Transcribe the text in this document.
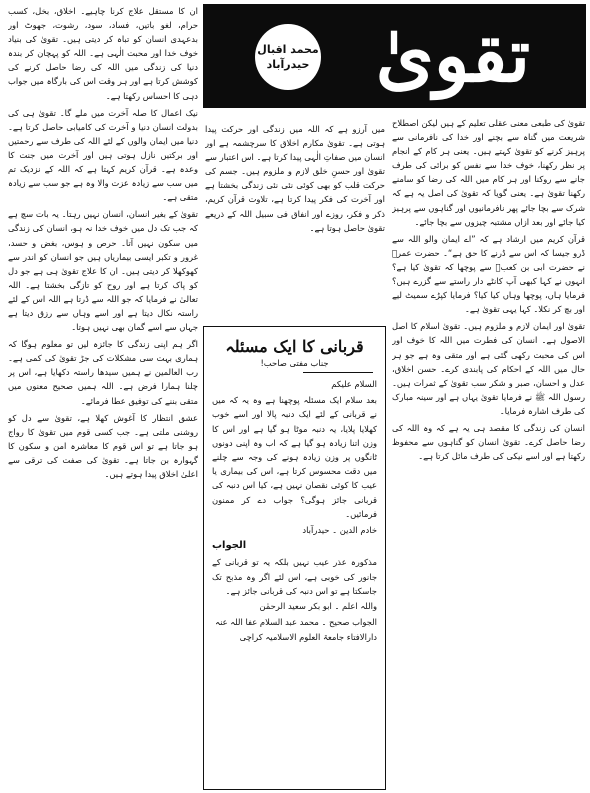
محمد اقبال
حیدرآباد تقویٰ

تقویٰ کی طبعی معنی عقلی تعلیم کے ہیں لیکن اصطلاح شریعت میں گناہ سے بچنے اور خدا کی نافرمانی سے پرہیز کرنے کو تقویٰ کہتے ہیں۔ یعنی ہر کام کے انجام پر نظر رکھنا، خوف خدا سے نفس کو برائی کی طرف جانے سے روکنا اور ہر کام میں اللہ کی رضا کو سامنے رکھنا تقویٰ ہے۔ یعنی گویا کہ تقویٰ کی اصل یہ ہے کہ شرک سے بچا جائے پھر نافرمانیوں اور گناہوں سے پرہیز کیا جائے اور بعد ازاں مشتبہ چیزوں سے بچا جائے۔

قرآن کریم میں ارشاد ہے کہ ”اے ایمان والو اللہ سے ڈرو جیسا کہ اس سے ڈرنے کا حق ہے“۔ حضرت عمرؓ نے حضرت ابی بن کعبؓ سے پوچھا کہ تقویٰ کیا ہے؟ انہوں نے کہا کبھی آپ کانٹے دار راستے سے گزرے ہیں؟ فرمایا ہاں، پوچھا وہاں کیا کیا؟ فرمایا کپڑے سمیٹ لیے اور بچ کر نکلا۔ کہا یہی تقویٰ ہے۔

تقویٰ اور ایمان لازم و ملزوم ہیں۔ تقویٰ اسلام کا اصل الاصول ہے۔ انسان کی فطرت میں اللہ کا خوف اور اس کی محبت رکھی گئی ہے اور متقی وہ ہے جو ہر حال میں اللہ کے احکام کی پابندی کرے۔ حسن اخلاق، عدل و احسان، صبر و شکر سب تقویٰ کے ثمرات ہیں۔ رسول اللہ ﷺ نے فرمایا تقویٰ یہاں ہے اور سینہ مبارک کی طرف اشارہ فرمایا۔

انسان کی زندگی کا مقصد ہی یہ ہے کہ وہ اللہ کی رضا حاصل کرے۔ تقویٰ انسان کو گناہوں سے محفوظ رکھتا ہے اور اسے نیکی کی طرف مائل کرتا ہے۔

میں آرزو ہے کہ اللہ میں زندگی اور حرکت پیدا ہوتی ہے۔ تقویٰ مکارم اخلاق کا سرچشمہ ہے اور انسان میں صفاتِ الٰہی پیدا کرتا ہے۔ اس اعتبار سے تقویٰ اور حسنِ خلق لازم و ملزوم ہیں۔ جسم کی حرکت قلب کو بھی کوئی نئی نئی زندگی بخشتا ہے اور آخرت کی فکر پیدا کرتا ہے، تلاوت قرآن کریم، ذکر و فکر، روزے اور انفاق فی سبیل اللہ کے ذریعے تقویٰ حاصل ہوتا ہے۔

قربانی کا ایک مسئلہ
جناب مفتی صاحب!

السلام علیکم

بعد سلام ایک مسئلہ پوچھنا ہے وہ یہ کہ میں نے قربانی کے لئے ایک دنبہ پالا اور اسے خوب کھلایا پلایا، یہ دنبہ موٹا ہو گیا ہے اور اس کا وزن اتنا زیادہ ہو گیا ہے کہ اب وہ اپنی دونوں ٹانگوں پر وزن زیادہ ہونے کی وجہ سے چلنے میں دقت محسوس کرتا ہے، اس کی بیماری یا عیب کا کوئی نقصان نہیں ہے، کیا اس دنبہ کی قربانی جائز ہوگی؟ جواب دے کر ممنون فرمائیں۔

خادم الدین ۔ حیدرآباد

الجواب

مذکورہ عذر عیب نہیں بلکہ یہ تو قربانی کے جانور کی خوبی ہے، اس لئے اگر وہ مذبح تک جاسکتا ہے تو اس دنبہ کی قربانی جائز ہے۔

واللہ اعلم ۔ ابو بکر سعید الرحمٰن

الجواب صحیح ۔ محمد عبد السلام عفا اللہ عنہ

دارالافتاء جامعۃ العلوم الاسلامیہ کراچی

ان کا مستقل علاج کرنا چاہیے۔ اخلاق، بخل، کسب حرام، لغو باتیں، فساد، سود، رشوت، جھوٹ اور بدعہدی انسان کو تباہ کر دیتی ہیں۔ تقویٰ کی بنیاد خوف خدا اور محبت الٰہی ہے۔ اللہ کو پہچان کر بندہ دنیا کی زندگی میں اللہ کی رضا حاصل کرنے کی کوشش کرتا ہے اور ہر وقت اس کی بارگاہ میں جواب دہی کا احساس رکھتا ہے۔

نیک اعمال کا صلہ آخرت میں ملے گا۔ تقویٰ ہی کی بدولت انسان دنیا و آخرت کی کامیابی حاصل کرتا ہے۔ دنیا میں ایمان والوں کے لئے اللہ کی طرف سے رحمتیں اور برکتیں نازل ہوتی ہیں اور آخرت میں جنت کا وعدہ ہے۔ قرآن کریم کہتا ہے کہ اللہ کے نزدیک تم میں سب سے زیادہ عزت والا وہ ہے جو سب سے زیادہ متقی ہے۔

تقویٰ کے بغیر انسان، انسان نہیں رہتا۔ یہ بات سچ ہے کہ جب تک دل میں خوف خدا نہ ہو، انسان کی زندگی میں سکون نہیں آتا۔ حرص و ہوس، بغض و حسد، غرور و تکبر ایسی بیماریاں ہیں جو انسان کو اندر سے کھوکھلا کر دیتی ہیں۔ ان کا علاج تقویٰ ہی ہے جو دل کو پاک کرتا ہے اور روح کو تازگی بخشتا ہے۔ اللہ تعالیٰ نے فرمایا کہ جو اللہ سے ڈرتا ہے اللہ اس کے لئے راستہ نکال دیتا ہے اور اسے وہاں سے رزق دیتا ہے جہاں سے اسے گمان بھی نہیں ہوتا۔

اگر ہم اپنی زندگی کا جائزہ لیں تو معلوم ہوگا کہ ہماری بہت سی مشکلات کی جڑ تقویٰ کی کمی ہے۔ رب العالمین نے ہمیں سیدھا راستہ دکھایا ہے، اس پر چلنا ہمارا فرض ہے۔ اللہ ہمیں صحیح معنوں میں متقی بننے کی توفیق عطا فرمائے۔

عشق انتظار کا آغوش کھلا ہے، تقویٰ سے دل کو روشنی ملتی ہے۔ جب کسی قوم میں تقویٰ کا رواج ہو جاتا ہے تو اس قوم کا معاشرہ امن و سکون کا گہوارہ بن جاتا ہے۔ تقویٰ کی صفت کی ترقی سے اعلیٰ اخلاق پیدا ہوتے ہیں۔
